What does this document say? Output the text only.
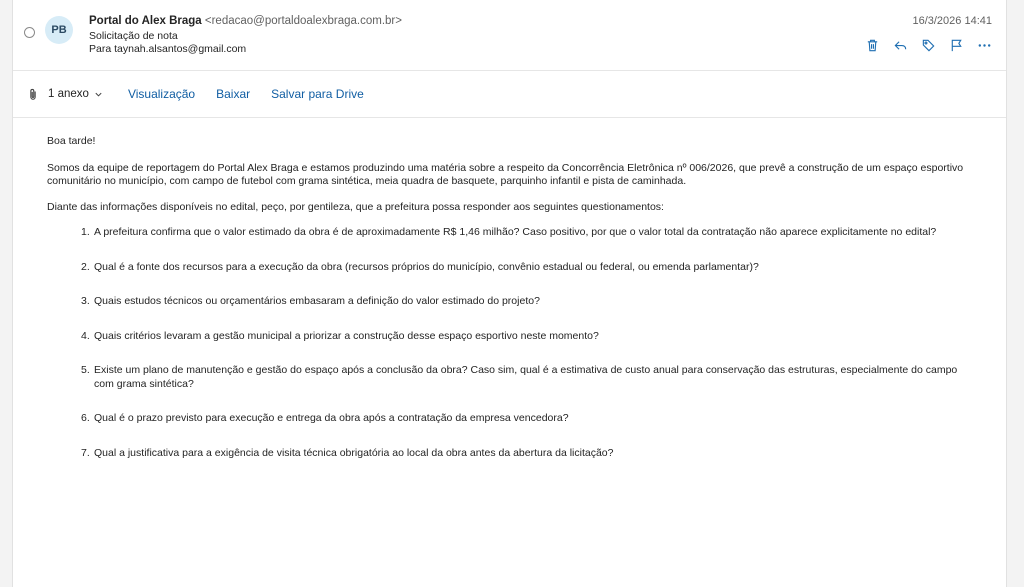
PB
Portal do Alex Braga <redacao@portaldoalexbraga.com.br>
Solicitação de nota
Para taynah.alsantos@gmail.com
16/3/2026 14:41
1 anexo	Visualização Baixar Salvar para Drive

Boa tarde!

Somos da equipe de reportagem do Portal Alex Braga e estamos produzindo uma matéria sobre a respeito da Concorrência Eletrônica nº 006/2026, que prevê a construção de um espaço esportivo comunitário no município, com campo de futebol com grama sintética, meia quadra de basquete, parquinho infantil e pista de caminhada.

Diante das informações disponíveis no edital, peço, por gentileza, que a prefeitura possa responder aos seguintes questionamentos:

1. A prefeitura confirma que o valor estimado da obra é de aproximadamente R$ 1,46 milhão? Caso positivo, por que o valor total da contratação não aparece explicitamente no edital?
2. Qual é a fonte dos recursos para a execução da obra (recursos próprios do município, convênio estadual ou federal, ou emenda parlamentar)?
3. Quais estudos técnicos ou orçamentários embasaram a definição do valor estimado do projeto?
4. Quais critérios levaram a gestão municipal a priorizar a construção desse espaço esportivo neste momento?
5. Existe um plano de manutenção e gestão do espaço após a conclusão da obra? Caso sim, qual é a estimativa de custo anual para conservação das estruturas, especialmente do campo com grama sintética?
6. Qual é o prazo previsto para execução e entrega da obra após a contratação da empresa vencedora?
7. Qual a justificativa para a exigência de visita técnica obrigatória ao local da obra antes da abertura da licitação?
